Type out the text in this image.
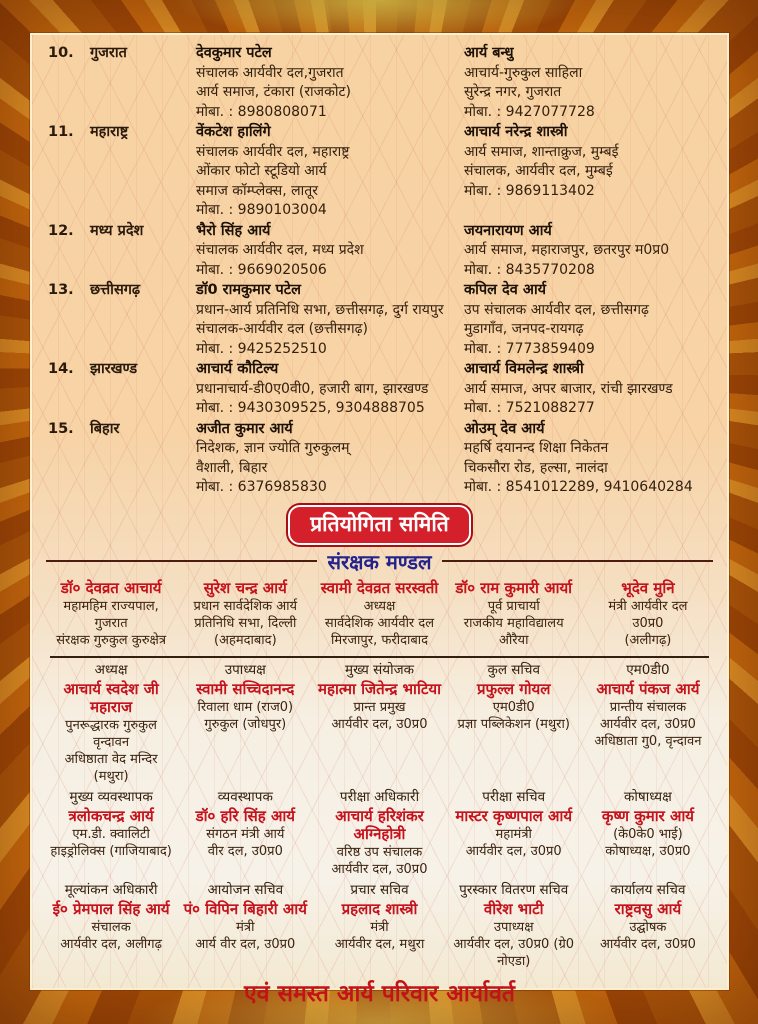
10.	गुजरात	देवकुमार पटेल
संचालक आर्यवीर दल,गुजरात
आर्य समाज, टंकारा (राजकोट)
मोबा. : 8980808071
आर्य बन्धु
आचार्य-गुरुकुल साहिला
सुरेन्द्र नगर, गुजरात
मोबा. : 9427077728
11.	महाराष्ट्र	वेंकटेश हालिंगे
संचालक आर्यवीर दल, महाराष्ट्र
ओंकार फोटो स्टूडियो आर्य
समाज कॉम्प्लेक्स, लातूर
मोबा. : 9890103004
आचार्य नरेन्द्र शास्त्री
आर्य समाज, शान्ताक्रुज, मुम्बई
संचालक, आर्यवीर दल, मुम्बई
मोबा. : 9869113402
12.	मध्य प्रदेश	भैरो सिंह आर्य
संचालक आर्यवीर दल, मध्य प्रदेश
मोबा. : 9669020506
जयनारायण आर्य
आर्य समाज, महाराजपुर, छतरपुर म0प्र0
मोबा. : 8435770208
13.	छत्तीसगढ़	डॉ0 रामकुमार पटेल
प्रधान-आर्य प्रतिनिधि सभा, छत्तीसगढ़, दुर्ग रायपुर
संचालक-आर्यवीर दल (छत्तीसगढ़)
मोबा. : 9425252510
कपिल देव आर्य
उप संचालक आर्यवीर दल, छत्तीसगढ़
मुडागाँव, जनपद-रायगढ़
मोबा. : 7773859409
14.	झारखण्ड	आचार्य कौटिल्य
प्रधानाचार्य-डी0ए0वी0, हजारी बाग, झारखण्ड
मोबा. : 9430309525, 9304888705
आचार्य विमलेन्द्र शास्त्री
आर्य समाज, अपर बाजार, रांची झारखण्ड
मोबा. : 7521088277
15.	बिहार	अजीत कुमार आर्य
निदेशक, ज्ञान ज्योति गुरुकुलम्
वैशाली, बिहार
मोबा. : 6376985830
ओउम् देव आर्य
महर्षि दयानन्द शिक्षा निकेतन
चिकसौरा रोड, हल्सा, नालंदा
मोबा. : 8541012289, 9410640284
प्रतियोगिता समिति
संरक्षक मण्डल
डॉ० देवव्रत आचार्य
महामहिम राज्यपाल, गुजरात
संरक्षक गुरुकुल कुरुक्षेत्र
सुरेश चन्द्र आर्य
प्रधान सार्वदेशिक आर्य
प्रतिनिधि सभा, दिल्ली
(अहमदाबाद)
स्वामी देवव्रत सरस्वती
अध्यक्ष
सार्वदेशिक आर्यवीर दल
मिरजापुर, फरीदाबाद
डॉ० राम कुमारी आर्या
पूर्व प्राचार्या
राजकीय महाविद्यालय
औरैया
भूदेव मुनि
मंत्री आर्यवीर दल
उ0प्र0
(अलीगढ़)
अध्यक्ष
आचार्य स्वदेश जी महाराज
पुनरूद्धारक गुरुकुल वृन्दावन
अधिष्ठाता वेद मन्दिर (मथुरा)
उपाध्यक्ष
स्वामी सच्चिदानन्द
रिवाला धाम (राज0)
गुरुकुल (जोधपुर)
मुख्य संयोजक
महात्मा जितेन्द्र भाटिया
प्रान्त प्रमुख
आर्यवीर दल, उ0प्र0
कुल सचिव
प्रफुल्ल गोयल
एम0डी0
प्रज्ञा पब्लिकेशन (मथुरा)
एम0डी0
आचार्य पंकज आर्य
प्रान्तीय संचालक
आर्यवीर दल, उ0प्र0
अधिष्ठाता गु0, वृन्दावन
मुख्य व्यवस्थापक
त्रलोकचन्द्र आर्य
एम.डी. क्वालिटी
हाइड्रोलिक्स (गाजियाबाद)
व्यवस्थापक
डॉ० हरि सिंह आर्य
संगठन मंत्री आर्य
वीर दल, उ0प्र0
परीक्षा अधिकारी
आचार्य हरिशंकर अग्निहोत्री
वरिष्ठ उप संचालक
आर्यवीर दल, उ0प्र0
परीक्षा सचिव
मास्टर कृष्णपाल आर्य
महामंत्री
आर्यवीर दल, उ0प्र0
कोषाध्यक्ष
कृष्ण कुमार आर्य
(के0के0 भाई)
कोषाध्यक्ष, उ0प्र0
मूल्यांकन अधिकारी
ई० प्रेमपाल सिंह आर्य
संचालक
आर्यवीर दल, अलीगढ़
आयोजन सचिव
पं० विपिन बिहारी आर्य
मंत्री
आर्य वीर दल, उ0प्र0
प्रचार सचिव
प्रहलाद शास्त्री
मंत्री
आर्यवीर दल, मथुरा
पुरस्कार वितरण सचिव
वीरेश भाटी
उपाध्यक्ष
आर्यवीर दल, उ0प्र0 (ग्रे0 नोएडा)
कार्यालय सचिव
राष्ट्रवसु आर्य
उद्घोषक
आर्यवीर दल, उ0प्र0
एवं समस्त आर्य परिवार आर्यावर्त
